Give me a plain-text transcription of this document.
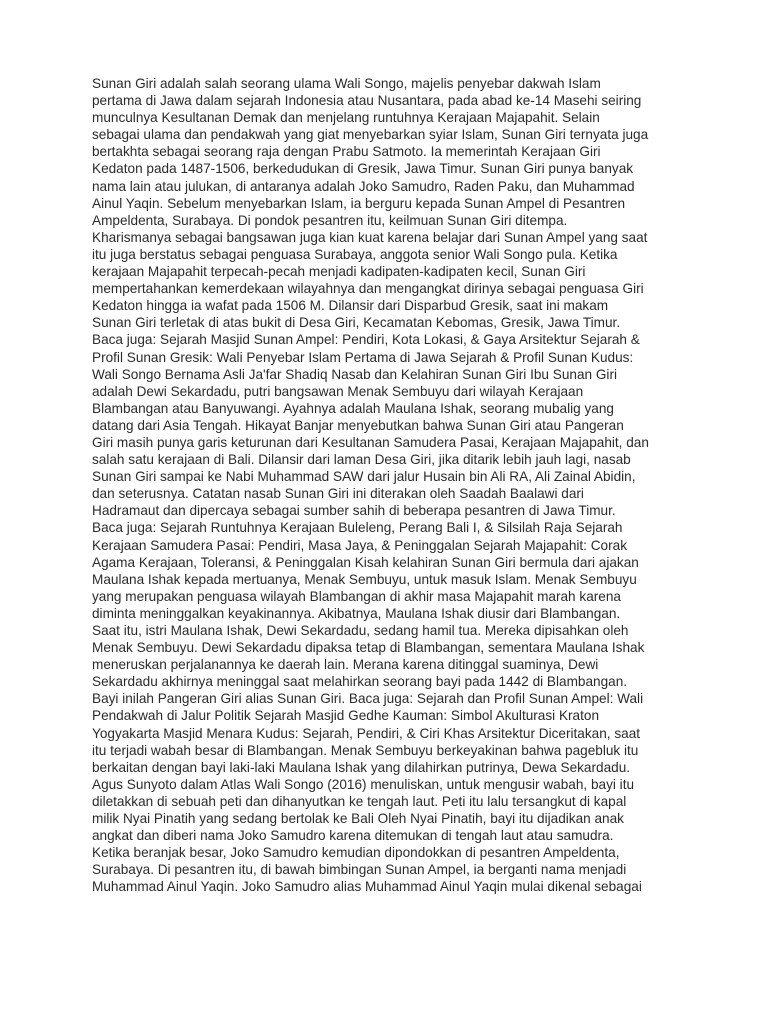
Sunan Giri adalah salah seorang ulama Wali Songo, majelis penyebar dakwah Islam
pertama di Jawa dalam sejarah Indonesia atau Nusantara, pada abad ke-14 Masehi seiring
munculnya Kesultanan Demak dan menjelang runtuhnya Kerajaan Majapahit. Selain
sebagai ulama dan pendakwah yang giat menyebarkan syiar Islam, Sunan Giri ternyata juga
bertakhta sebagai seorang raja dengan Prabu Satmoto. Ia memerintah Kerajaan Giri
Kedaton pada 1487-1506, berkedudukan di Gresik, Jawa Timur. Sunan Giri punya banyak
nama lain atau julukan, di antaranya adalah Joko Samudro, Raden Paku, dan Muhammad
Ainul Yaqin. Sebelum menyebarkan Islam, ia berguru kepada Sunan Ampel di Pesantren
Ampeldenta, Surabaya. Di pondok pesantren itu, keilmuan Sunan Giri ditempa.
Kharismanya sebagai bangsawan juga kian kuat karena belajar dari Sunan Ampel yang saat
itu juga berstatus sebagai penguasa Surabaya, anggota senior Wali Songo pula. Ketika
kerajaan Majapahit terpecah-pecah menjadi kadipaten-kadipaten kecil, Sunan Giri
mempertahankan kemerdekaan wilayahnya dan mengangkat dirinya sebagai penguasa Giri
Kedaton hingga ia wafat pada 1506 M. Dilansir dari Disparbud Gresik, saat ini makam
Sunan Giri terletak di atas bukit di Desa Giri, Kecamatan Kebomas, Gresik, Jawa Timur.
Baca juga: Sejarah Masjid Sunan Ampel: Pendiri, Kota Lokasi, & Gaya Arsitektur Sejarah &
Profil Sunan Gresik: Wali Penyebar Islam Pertama di Jawa Sejarah & Profil Sunan Kudus:
Wali Songo Bernama Asli Ja'far Shadiq Nasab dan Kelahiran Sunan Giri Ibu Sunan Giri
adalah Dewi Sekardadu, putri bangsawan Menak Sembuyu dari wilayah Kerajaan
Blambangan atau Banyuwangi. Ayahnya adalah Maulana Ishak, seorang mubalig yang
datang dari Asia Tengah. Hikayat Banjar menyebutkan bahwa Sunan Giri atau Pangeran
Giri masih punya garis keturunan dari Kesultanan Samudera Pasai, Kerajaan Majapahit, dan
salah satu kerajaan di Bali. Dilansir dari laman Desa Giri, jika ditarik lebih jauh lagi, nasab
Sunan Giri sampai ke Nabi Muhammad SAW dari jalur Husain bin Ali RA, Ali Zainal Abidin,
dan seterusnya. Catatan nasab Sunan Giri ini diterakan oleh Saadah Baalawi dari
Hadramaut dan dipercaya sebagai sumber sahih di beberapa pesantren di Jawa Timur.
Baca juga: Sejarah Runtuhnya Kerajaan Buleleng, Perang Bali I, & Silsilah Raja Sejarah
Kerajaan Samudera Pasai: Pendiri, Masa Jaya, & Peninggalan Sejarah Majapahit: Corak
Agama Kerajaan, Toleransi, & Peninggalan Kisah kelahiran Sunan Giri bermula dari ajakan
Maulana Ishak kepada mertuanya, Menak Sembuyu, untuk masuk Islam. Menak Sembuyu
yang merupakan penguasa wilayah Blambangan di akhir masa Majapahit marah karena
diminta meninggalkan keyakinannya. Akibatnya, Maulana Ishak diusir dari Blambangan.
Saat itu, istri Maulana Ishak, Dewi Sekardadu, sedang hamil tua. Mereka dipisahkan oleh
Menak Sembuyu. Dewi Sekardadu dipaksa tetap di Blambangan, sementara Maulana Ishak
meneruskan perjalanannya ke daerah lain. Merana karena ditinggal suaminya, Dewi
Sekardadu akhirnya meninggal saat melahirkan seorang bayi pada 1442 di Blambangan.
Bayi inilah Pangeran Giri alias Sunan Giri. Baca juga: Sejarah dan Profil Sunan Ampel: Wali
Pendakwah di Jalur Politik Sejarah Masjid Gedhe Kauman: Simbol Akulturasi Kraton
Yogyakarta Masjid Menara Kudus: Sejarah, Pendiri, & Ciri Khas Arsitektur Diceritakan, saat
itu terjadi wabah besar di Blambangan. Menak Sembuyu berkeyakinan bahwa pagebluk itu
berkaitan dengan bayi laki-laki Maulana Ishak yang dilahirkan putrinya, Dewa Sekardadu.
Agus Sunyoto dalam Atlas Wali Songo (2016) menuliskan, untuk mengusir wabah, bayi itu
diletakkan di sebuah peti dan dihanyutkan ke tengah laut. Peti itu lalu tersangkut di kapal
milik Nyai Pinatih yang sedang bertolak ke Bali Oleh Nyai Pinatih, bayi itu dijadikan anak
angkat dan diberi nama Joko Samudro karena ditemukan di tengah laut atau samudra.
Ketika beranjak besar, Joko Samudro kemudian dipondokkan di pesantren Ampeldenta,
Surabaya. Di pesantren itu, di bawah bimbingan Sunan Ampel, ia berganti nama menjadi
Muhammad Ainul Yaqin. Joko Samudro alias Muhammad Ainul Yaqin mulai dikenal sebagai
